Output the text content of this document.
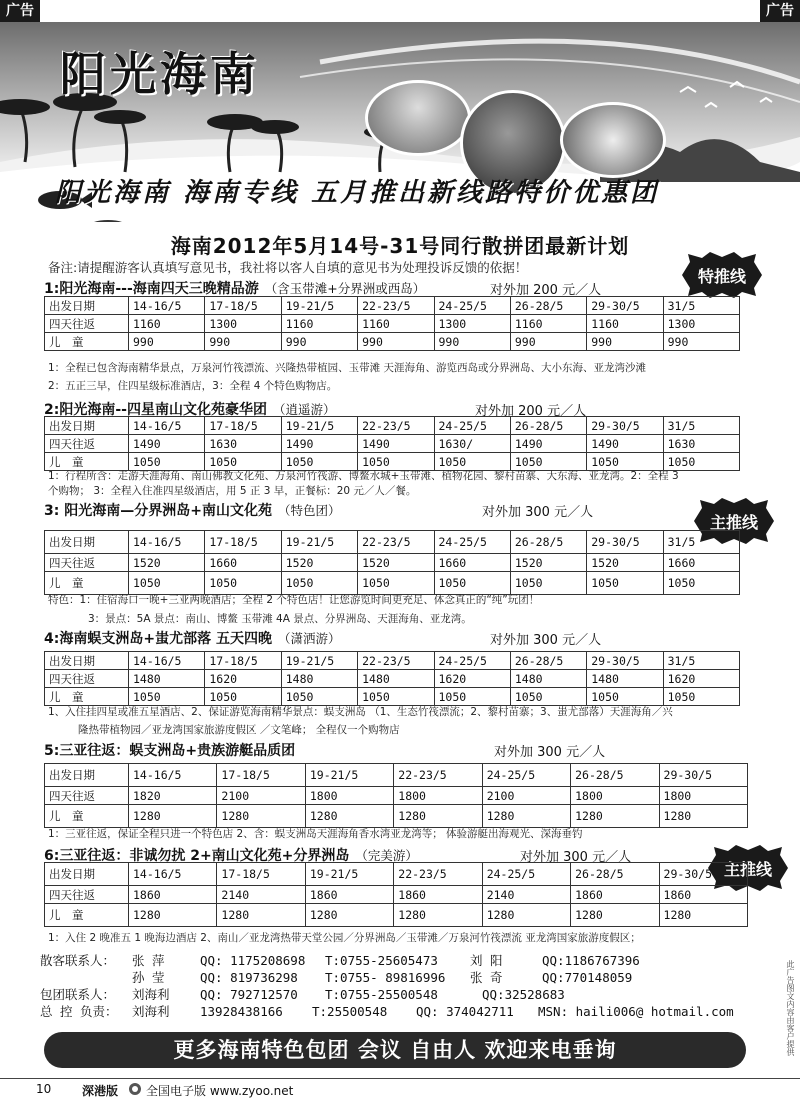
广告	广告
阳光海南
阳光海南 海南专线 五月推出新线路特价优惠团
海南2012年5月14号-31号同行散拼团最新计划
备注:请提醒游客认真填写意见书，我社将以客人自填的意见书为处理投诉反馈的依据！	特推线
主推线
主推线
1:阳光海南---海南四天三晚精品游 （含玉带滩+分界洲或西岛）	对外加 200 元／人
出发日期	14-16/5	17-18/5	19-21/5	22-23/5	24-25/5	26-28/5	29-30/5	31/5
四天往返	1160	1300	1160	1160	1300	1160	1160	1300
儿　童	990	990	990	990	990	990	990	990
1：全程已包含海南精华景点，万泉河竹筏漂流、兴隆热带植园、玉带滩 天涯海角、游览西岛或分界洲岛、大小东海、亚龙湾沙滩
2：五正三早，住四星级标准酒店，3：全程 4 个特色购物店。
2:阳光海南--四星南山文化苑豪华团 （逍遥游）	对外加 200 元／人
出发日期	14-16/5	17-18/5	19-21/5	22-23/5	24-25/5	26-28/5	29-30/5	31/5
四天往返	1490	1630	1490	1490	1630/	1490	1490	1630
儿　童	1050	1050	1050	1050	1050	1050	1050	1050
1：行程所含：走游天涯海角、南山佛教文化苑、万泉河竹筏游、博鳌水城+玉带滩、植物花园、黎村苗寨、大东海、亚龙湾。2：全程 3
个购物； 3：全程入住准四星级酒店，用 5 正 3 早，正餐标：20 元／人／餐。
3: 阳光海南—分界洲岛+南山文化苑 （特色团）	对外加 300 元／人
出发日期	14-16/5	17-18/5	19-21/5	22-23/5	24-25/5	26-28/5	29-30/5	31/5
四天往返	1520	1660	1520	1520	1660	1520	1520	1660
儿　童	1050	1050	1050	1050	1050	1050	1050	1050
特色：1：住宿海口一晚+三亚两晚酒店；全程 2 个特色店！让您游览时间更充足、体念真正的“纯”玩团！
3：景点：5A 景点：南山、博鳌 玉带滩 4A 景点、分界洲岛、天涯海角、亚龙湾。
4:海南蜈支洲岛+蚩尤部落 五天四晚 （潇洒游）	对外加 300 元／人
出发日期	14-16/5	17-18/5	19-21/5	22-23/5	24-25/5	26-28/5	29-30/5	31/5
四天往返	1480	1620	1480	1480	1620	1480	1480	1620
儿　童	1050	1050	1050	1050	1050	1050	1050	1050
1、入住挂四星或准五星酒店、2、保证游览海南精华景点：蜈支洲岛 （1、生态竹筏漂流；2、黎村苗寨；3、蚩尤部落）天涯海角／兴
隆热带植物园／亚龙湾国家旅游度假区 ／文笔峰； 全程仅一个购物店
5:三亚往返：蜈支洲岛+贵族游艇品质团	对外加 300 元／人
出发日期	14-16/5	17-18/5	19-21/5	22-23/5	24-25/5	26-28/5	29-30/5
四天往返	1820	2100	1800	1800	2100	1800	1800
儿　童	1280	1280	1280	1280	1280	1280	1280
1：三亚往返，保证全程只进一个特色店 2、含：蜈支洲岛天涯海角香水湾亚龙湾等； 体验游艇出海观光、深海垂钓
6:三亚往返：非诚勿扰 2+南山文化苑+分界洲岛 （完美游）	对外加 300 元／人
出发日期	14-16/5	17-18/5	19-21/5	22-23/5	24-25/5	26-28/5	29-30/5
四天往返	1860	2140	1860	1860	2140	1860	1860
儿　童	1280	1280	1280	1280	1280	1280	1280
1：入住 2 晚准五 1 晚海边酒店 2、南山／亚龙湾热带天堂公园／分界洲岛／玉带滩／万泉河竹筏漂流 亚龙湾国家旅游度假区；
散客联系人： 张 萍	QQ: 1175208698 T:0755-25605473	刘 阳	QQ:1186767396
孙 莹	QQ: 819736298 T:0755- 89816996 张 奇	QQ:770148059
包团联系人： 刘海利 QQ: 792712570 T:0755-25500548	QQ:32528683
总 控 负责： 刘海利 13928438166 T:25500548 QQ: 374042711 MSN: haili006@ hotmail.com
更多海南特色包团 会议 自由人 欢迎来电垂询
10	深港版 全国电子版 www.zyoo.net
此广告图文内容由客户提供
